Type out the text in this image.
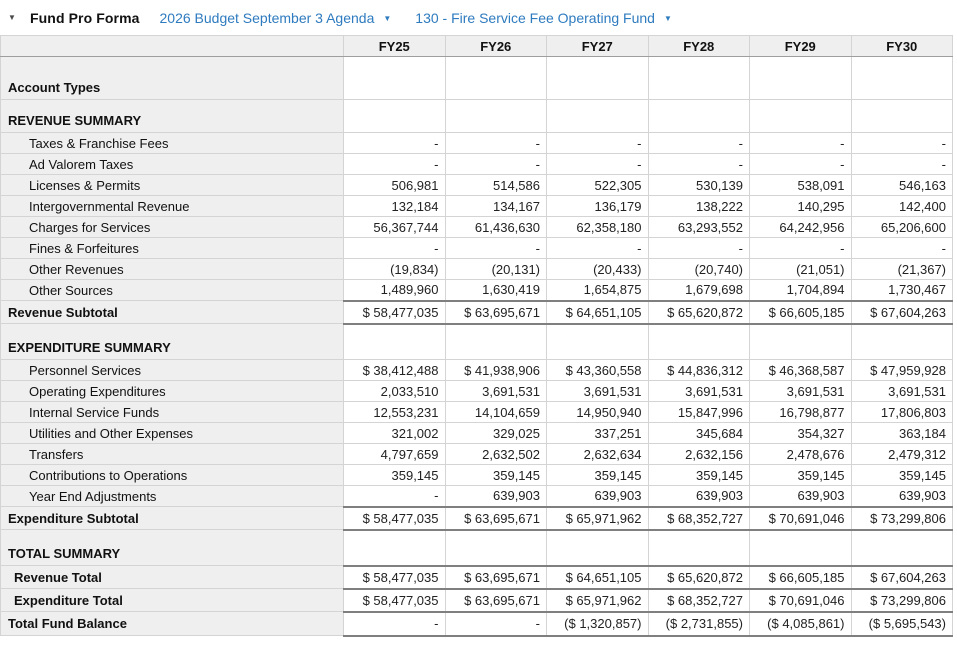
▼	Fund Pro Forma 2026 Budget September 3 Agenda ▼ 130 - Fire Service Fee Operating Fund ▼
	FY25	FY26	FY27	FY28	FY29	FY30
Account Types						
REVENUE SUMMARY						
Taxes & Franchise Fees	-	-	-	-	-	-
Ad Valorem Taxes	-	-	-	-	-	-
Licenses & Permits	506,981	514,586	522,305	530,139	538,091	546,163
Intergovernmental Revenue	132,184	134,167	136,179	138,222	140,295	142,400
Charges for Services	56,367,744	61,436,630	62,358,180	63,293,552	64,242,956	65,206,600
Fines & Forfeitures	-	-	-	-	-	-
Other Revenues	(19,834)	(20,131)	(20,433)	(20,740)	(21,051)	(21,367)
Other Sources	1,489,960	1,630,419	1,654,875	1,679,698	1,704,894	1,730,467
Revenue Subtotal	$ 58,477,035	$ 63,695,671	$ 64,651,105	$ 65,620,872	$ 66,605,185	$ 67,604,263
EXPENDITURE SUMMARY						
Personnel Services	$ 38,412,488	$ 41,938,906	$ 43,360,558	$ 44,836,312	$ 46,368,587	$ 47,959,928
Operating Expenditures	2,033,510	3,691,531	3,691,531	3,691,531	3,691,531	3,691,531
Internal Service Funds	12,553,231	14,104,659	14,950,940	15,847,996	16,798,877	17,806,803
Utilities and Other Expenses	321,002	329,025	337,251	345,684	354,327	363,184
Transfers	4,797,659	2,632,502	2,632,634	2,632,156	2,478,676	2,479,312
Contributions to Operations	359,145	359,145	359,145	359,145	359,145	359,145
Year End Adjustments	-	639,903	639,903	639,903	639,903	639,903
Expenditure Subtotal	$ 58,477,035	$ 63,695,671	$ 65,971,962	$ 68,352,727	$ 70,691,046	$ 73,299,806
TOTAL SUMMARY						
Revenue Total	$ 58,477,035	$ 63,695,671	$ 64,651,105	$ 65,620,872	$ 66,605,185	$ 67,604,263
Expenditure Total	$ 58,477,035	$ 63,695,671	$ 65,971,962	$ 68,352,727	$ 70,691,046	$ 73,299,806
Total Fund Balance	-	-	($ 1,320,857)	($ 2,731,855)	($ 4,085,861)	($ 5,695,543)
